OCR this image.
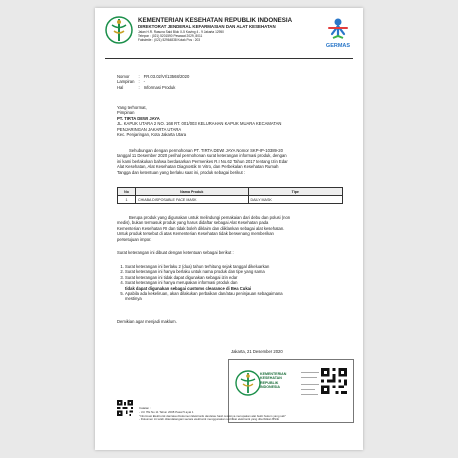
KEMENTERIAN KESEHATAN REPUBLIK INDONESIA
DIREKTORAT JENDERAL KEFARMASIAN DAN ALAT KESEHATAN
Jalan H.R. Rasuna Said Blok X-5 Kaving 4 - 9 Jakarta 12950
Telepon : (021) 5201590 Pesawat 2029, 8011
Faksimile : (021) 52964838 Kotak Pos : 203
GERMAS
Nomor	:	FR.03.02/VI/13568/2020
Lampiran	:	-
Hal	:	Informasi Produk
Yang terhormat,
Pimpinan
PT. TIRTA DEWI JAYA
JL. KAPUK UTARA 2 NO. 168 RT. 001/003 KELURAHAN KAPUK MUARA KECAMATAN
PENJARINGAN JAKARTA UTARA
Kec. Penjaringan, Kota Jakarta Utara
Sehubungan dengan permohonan PT. TIRTA DEWI JAYA Nomor SKP-IP-10389-20
tanggal 11 Desember 2020 perihal permohonan surat keterangan informasi produk, dengan
ini kami berlakukan bahwa berdasarkan Permenkes R.I No.62 Tahun 2017 tentang Izin Edar
Alat Kesehatan, Alat Kesehatan Diagnostik In Vitro, dan Perbekalan Kesehatan Rumah
Tangga dan ketentuan yang berlaku saat ini, produk sebagai berikut :
No	Nama Produk	Tipe
1	CHIABA DISPOSABLE FACE MASK	DAILY MASK
Berupa produk yang digunakan untuk melindungi pemakaian dari debu dan polusi (non
medis), bukan termasuk produk yang harus didaftar sebagai Alat Kesehatan pada
Kementerian Kesehatan RI dan tidak boleh diklaim dan diiklankan sebagai alat kesehatan.
Untuk produk tersebut di atas Kementerian Kesehatan tidak berwenang memberikan
persetujuan impor.
Surat keterangan ini dibuat dengan ketentuan sebagai berikut :
1. Surat keterangan ini berlaku 2 (dua) tahun terhitung sejak tanggal dikeluarkan
2. Surat keterangan ini hanya berlaku untuk nama produk dan tipe yang sama
3. Surat keterangan ini tidak dapat digunakan sebagai izin edar
4. Surat keterangan ini hanya merupakan informasi produk dan
tidak dapat digunakan sebagai customs clearance di Bea Cukai
5. Apabila ada kekeliruan, akan dilakukan perbaikan dan/atau peninjauan sebagaimana
mestinya
Demikian agar menjadi maklum.
Jakarta, 21 Desember 2020
KEMENTERIAN
KESEHATAN
REPUBLIK
INDONESIA
Catatan :
- UU ITE No 11 Tahun 2008 Pasal 5 ayat 1
"Informasi Elektronik dan/atau Dokumen Elektronik dan/atau hasil cetaknya merupakan alat bukti hukum yang sah"
- Dokumen ini telah ditandatangani secara elektronik menggunakan sertifikat elektronik yang diterbitkan BSrE
